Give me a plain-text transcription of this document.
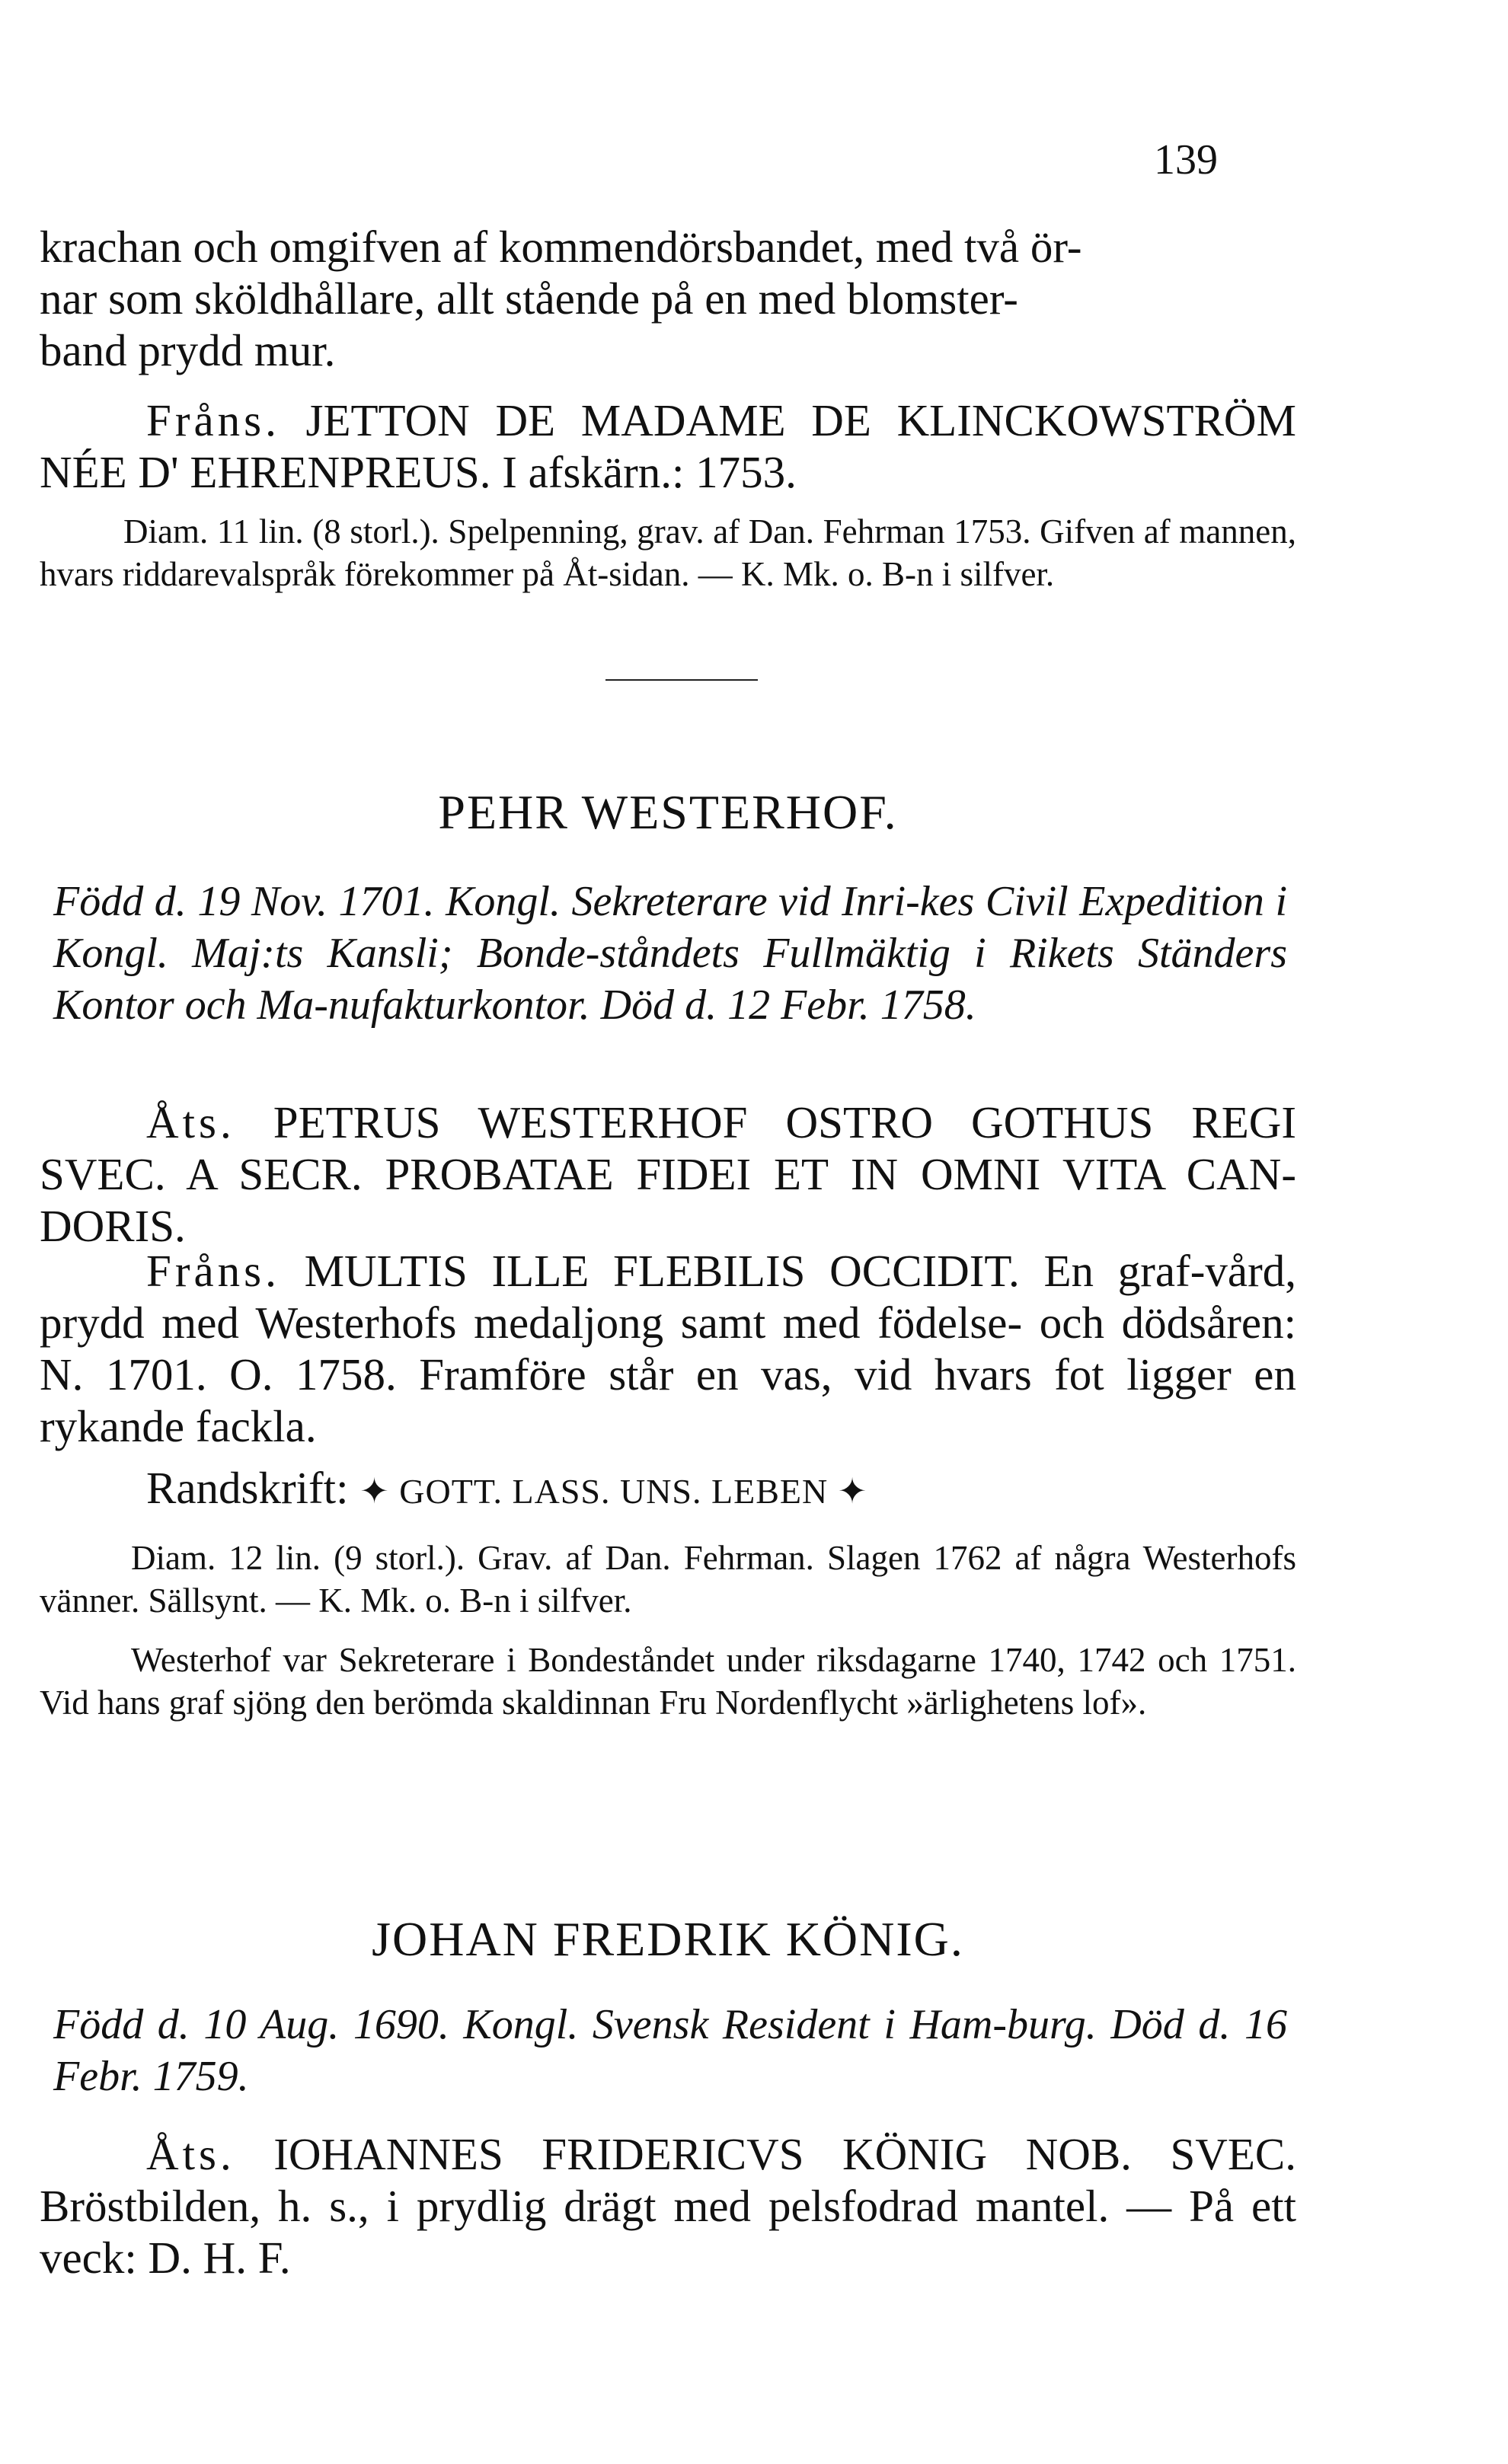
139
krachan och omgifven af kommendörsbandet, med två ör-
nar som sköldhållare, allt stående på en med blomster-
band prydd mur.
Fråns. JETTON DE MADAME DE KLINCKOWSTRÖM NÉE D' EHRENPREUS. I afskärn.: 1753.
Diam. 11 lin. (8 storl.). Spelpenning, grav. af Dan. Fehrman 1753. Gifven af mannen, hvars riddarevalspråk förekommer på Åt-sidan. — K. Mk. o. B-n i silfver.
PEHR WESTERHOF.
Född d. 19 Nov. 1701. Kongl. Sekreterare vid Inri-kes Civil Expedition i Kongl. Maj:ts Kansli; Bonde-ståndets Fullmäktig i Rikets Ständers Kontor och Ma-nufakturkontor. Död d. 12 Febr. 1758.
Åts. PETRUS WESTERHOF OSTRO GOTHUS REGI SVEC. A SECR. PROBATAE FIDEI ET IN OMNI VITA CAN-DORIS.
Fråns. MULTIS ILLE FLEBILIS OCCIDIT. En graf-vård, prydd med Westerhofs medaljong samt med födelse- och dödsåren: N. 1701. O. 1758. Framföre står en vas, vid hvars fot ligger en rykande fackla.
Randskrift: ✦ GOTT. LASS. UNS. LEBEN ✦
Diam. 12 lin. (9 storl.). Grav. af Dan. Fehrman. Slagen 1762 af några Westerhofs vänner. Sällsynt. — K. Mk. o. B-n i silfver.
Westerhof var Sekreterare i Bondeståndet under riksdagarne 1740, 1742 och 1751. Vid hans graf sjöng den berömda skaldinnan Fru Nordenflycht »ärlighetens lof».
JOHAN FREDRIK KÖNIG.
Född d. 10 Aug. 1690. Kongl. Svensk Resident i Ham-burg. Död d. 16 Febr. 1759.
Åts. IOHANNES FRIDERICVS KÖNIG NOB. SVEC. Bröstbilden, h. s., i prydlig drägt med pelsfodrad mantel. — På ett veck: D. H. F.
